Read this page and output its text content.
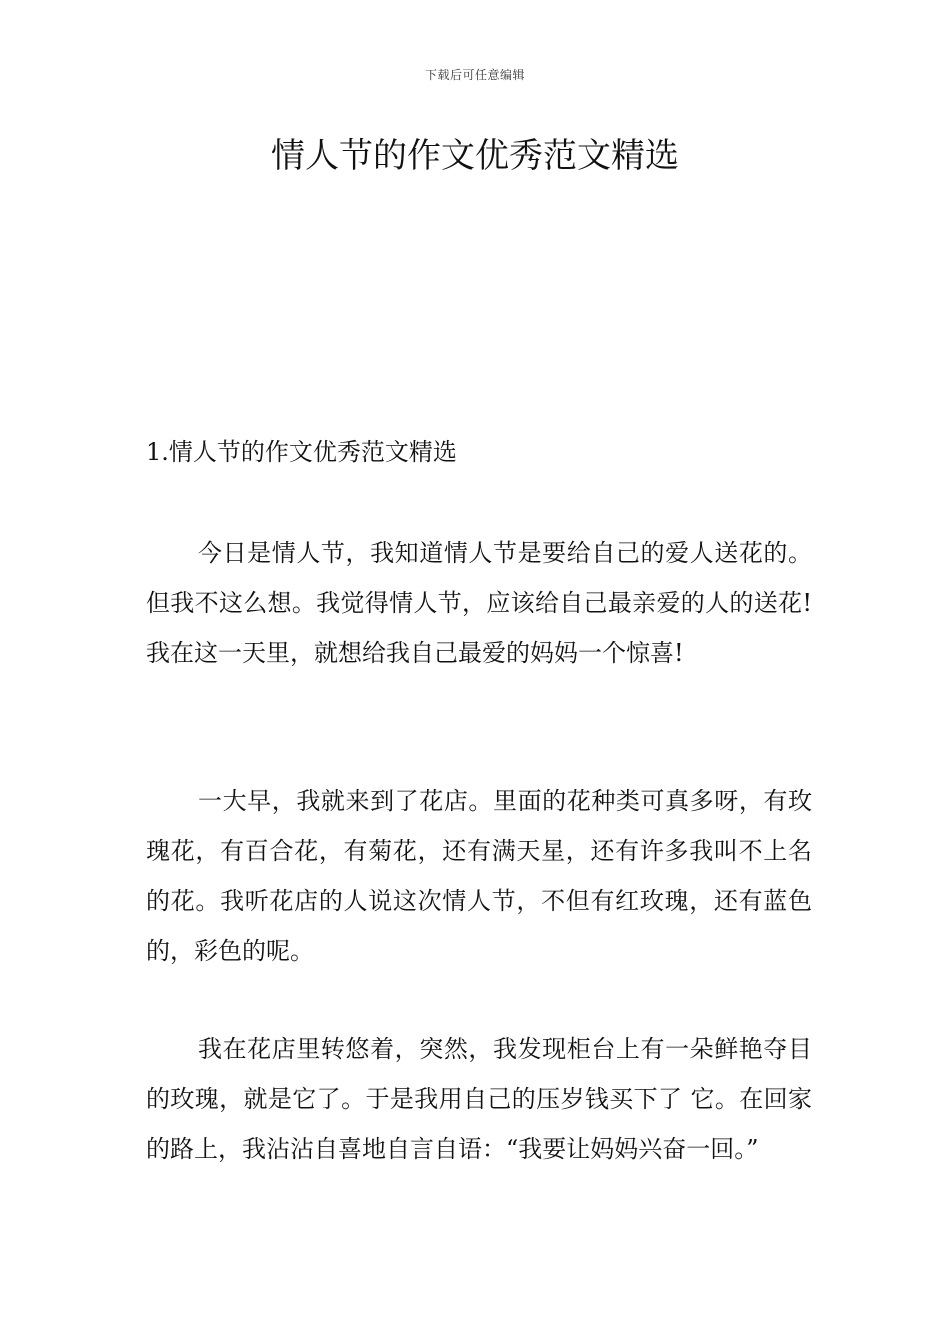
下载后可任意编辑
情人节的作文优秀范文精选
1.情人节的作文优秀范文精选

今日是情人节，我知道情人节是要给自己的爱人送花的。但我不这么想。我觉得情人节，应该给自己最亲爱的人的送花!我在这一天里，就想给我自己最爱的妈妈一个惊喜!

一大早，我就来到了花店。里面的花种类可真多呀，有玫瑰花，有百合花，有菊花，还有满天星，还有许多我叫不上名的花。我听花店的人说这次情人节，不但有红玫瑰，还有蓝色的，彩色的呢。

我在花店里转悠着，突然，我发现柜台上有一朵鲜艳夺目的玫瑰，就是它了。于是我用自己的压岁钱买下了 它。在回家的路上，我沾沾自喜地自言自语：“我要让妈妈兴奋一回。”
